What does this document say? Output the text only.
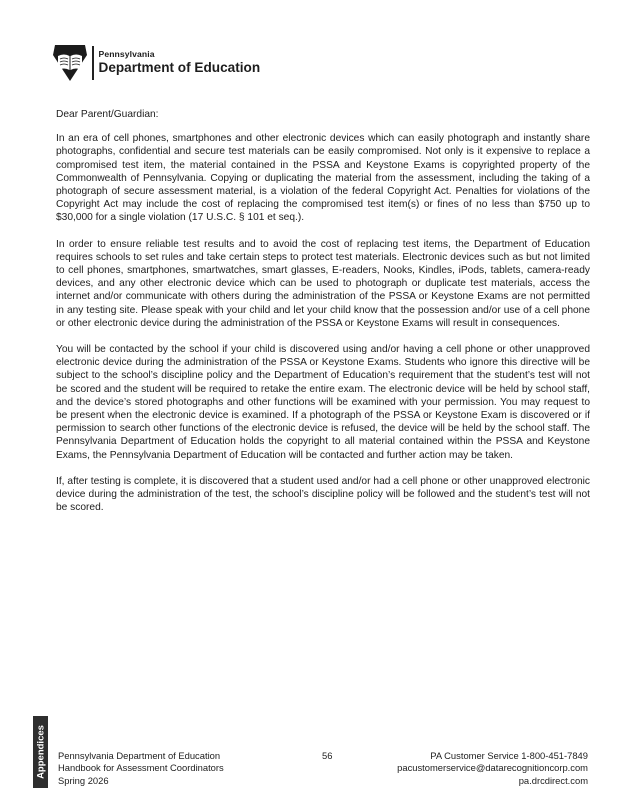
Pennsylvania
Department of Education

Dear Parent/Guardian:

In an era of cell phones, smartphones and other electronic devices which can easily photograph and instantly share photographs, confidential and secure test materials can be easily compromised. Not only is it expensive to replace a compromised test item, the material contained in the PSSA and Keystone Exams is copyrighted property of the Commonwealth of Pennsylvania. Copying or duplicating the material from the assessment, including the taking of a photograph of secure assessment material, is a violation of the federal Copyright Act. Penalties for violations of the Copyright Act may include the cost of replacing the compromised test item(s) or fines of no less than $750 up to $30,000 for a single violation (17 U.S.C. § 101 et seq.).

In order to ensure reliable test results and to avoid the cost of replacing test items, the Department of Education requires schools to set rules and take certain steps to protect test materials. Electronic devices such as but not limited to cell phones, smartphones, smartwatches, smart glasses, E-readers, Nooks, Kindles, iPods, tablets, camera-ready devices, and any other electronic device which can be used to photograph or duplicate test materials, access the internet and/or communicate with others during the administration of the PSSA or Keystone Exams are not permitted in any testing site. Please speak with your child and let your child know that the possession and/or use of a cell phone or other electronic device during the administration of the PSSA or Keystone Exams will result in consequences.

You will be contacted by the school if your child is discovered using and/or having a cell phone or other unapproved electronic device during the administration of the PSSA or Keystone Exams. Students who ignore this directive will be subject to the school’s discipline policy and the Department of Education’s requirement that the student’s test will not be scored and the student will be required to retake the entire exam. The electronic device will be held by school staff, and the device’s stored photographs and other functions will be examined with your permission. You may request to be present when the electronic device is examined. If a photograph of the PSSA or Keystone Exam is discovered or if permission to search other functions of the electronic device is refused, the device will be held by the school staff. The Pennsylvania Department of Education holds the copyright to all material contained within the PSSA and Keystone Exams, the Pennsylvania Department of Education will be contacted and further action may be taken.

If, after testing is complete, it is discovered that a student used and/or had a cell phone or other unapproved electronic device during the administration of the test, the school’s discipline policy will be followed and the student’s test will not be scored.

Appendices Pennsylvania Department of Education
Handbook for Assessment Coordinators
Spring 2026
56	PA Customer Service 1-800-451-7849
pacustomerservice@datarecognitioncorp.com
pa.drcdirect.com
